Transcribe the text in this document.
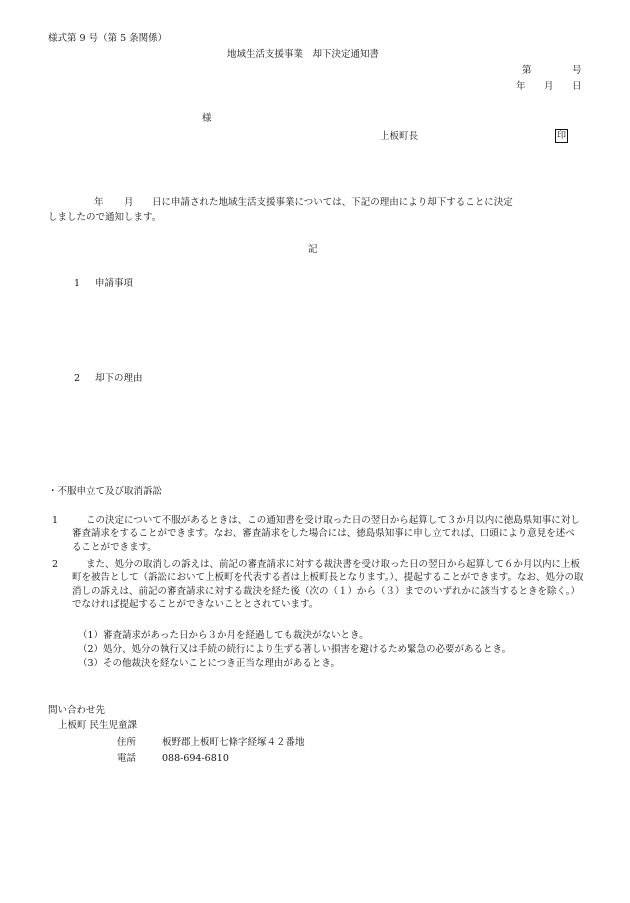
様式第 9 号（第 5 条関係）
地域生活支援事業　却下決定通知書
第	号
年 月 日
様
上板町長	印
年 月 日に申請された地域生活支援事業については、下記の理由により却下することに決定
しましたので通知します。
記
1 申請事項
2 却下の理由
・不服申立て及び取消訴訟
1	この決定について不服があるときは、この通知書を受け取った日の翌日から起算して３か月以内に徳島県知事に対し審査請求をすることができます。なお、審査請求をした場合には、徳島県知事に申し立てれば、口頭により意見を述べることができます。
2	また、処分の取消しの訴えは、前記の審査請求に対する裁決書を受け取った日の翌日から起算して６か月以内に上板町を被告として（訴訟において上板町を代表する者は上板町長となります。）、提起することができます。なお、処分の取消しの訴えは、前記の審査請求に対する裁決を経た後（次の（１）から（３）までのいずれかに該当するときを除く。）でなければ提起することができないこととされています。
（1）審査請求があった日から３か月を経過しても裁決がないとき。
（2）処分、処分の執行又は手続の続行により生ずる著しい損害を避けるため緊急の必要があるとき。
（3）その他裁決を経ないことにつき正当な理由があるとき。
問い合わせ先
上板町 民生児童課
住所	板野郡上板町七條字経塚４２番地
電話	088-694-6810
